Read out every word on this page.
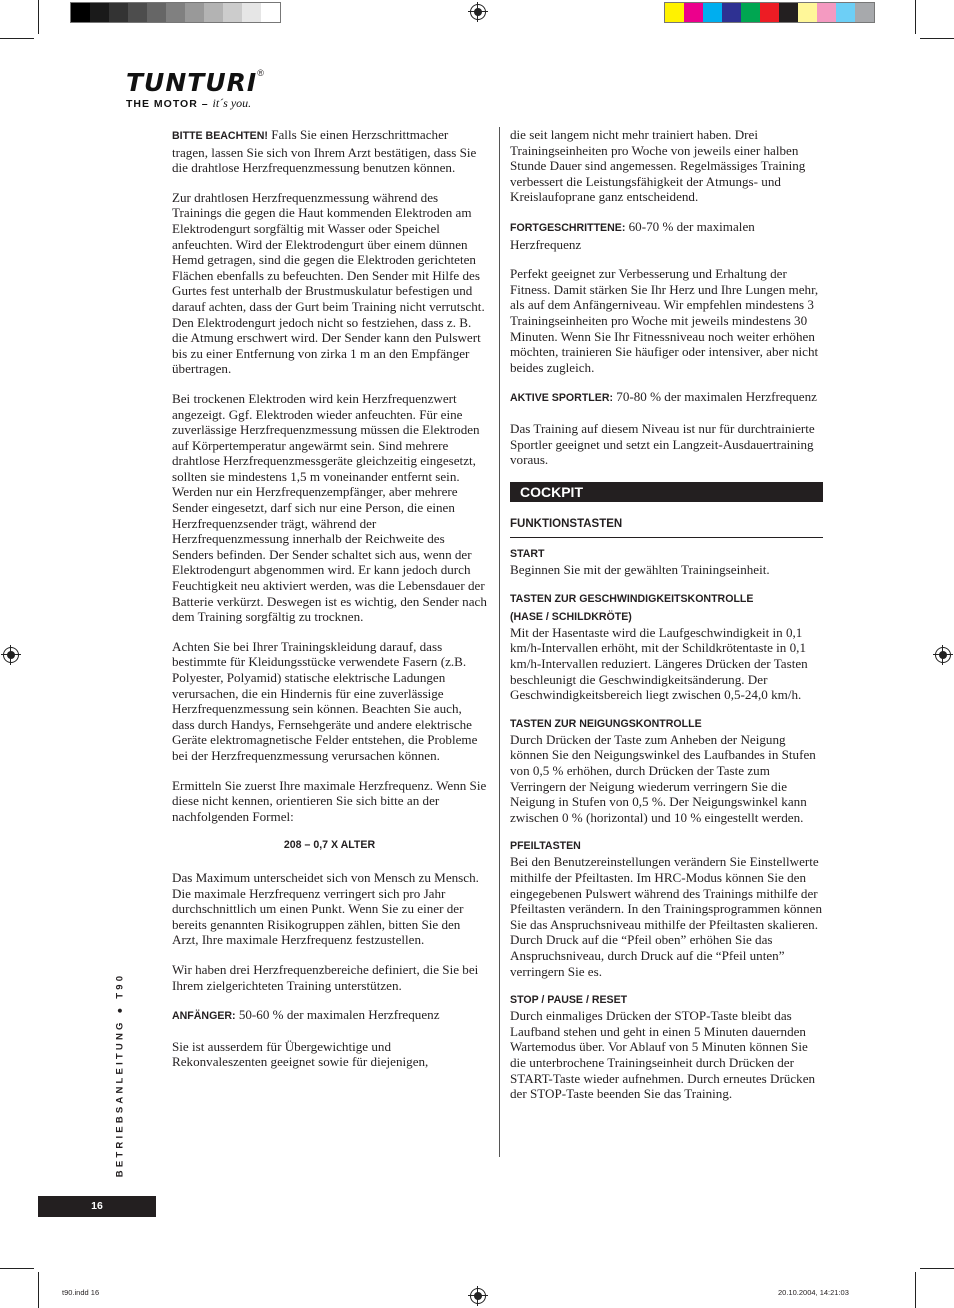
TUNTURI®
THE MOTOR – it´s you.

BITTE BEACHTEN! Falls Sie einen Herzschrittmacher tragen, lassen Sie sich von Ihrem Arzt bestätigen, dass Sie die drahtlose Herzfrequenzmessung benutzen können.

Zur drahtlosen Herzfrequenzmessung während des Trainings die gegen die Haut kommenden Elektroden am Elektrodengurt sorgfältig mit Wasser oder Speichel anfeuchten. Wird der Elektrodengurt über einem dünnen Hemd getragen, sind die gegen die Elektroden gerichteten Flächen ebenfalls zu befeuchten. Den Sender mit Hilfe des Gurtes fest unterhalb der Brustmuskulatur befestigen und darauf achten, dass der Gurt beim Training nicht verrutscht. Den Elektrodengurt jedoch nicht so festziehen, dass z. B. die Atmung erschwert wird. Der Sender kann den Pulswert bis zu einer Entfernung von zirka 1 m an den Empfänger übertragen.

Bei trockenen Elektroden wird kein Herzfrequenzwert angezeigt. Ggf. Elektroden wieder anfeuchten. Für eine zuverlässige Herzfrequenzmessung müssen die Elektroden auf Körpertemperatur angewärmt sein. Sind mehrere drahtlose Herzfrequenzmessgeräte gleichzeitig eingesetzt, sollten sie mindestens 1,5 m voneinander entfernt sein. Werden nur ein Herzfrequenzempfänger, aber mehrere Sender eingesetzt, darf sich nur eine Person, die einen Herzfrequenzsender trägt, während der Herzfrequenzmessung innerhalb der Reichweite des Senders befinden. Der Sender schaltet sich aus, wenn der Elektrodengurt abgenommen wird. Er kann jedoch durch Feuchtigkeit neu aktiviert werden, was die Lebensdauer der Batterie verkürzt. Deswegen ist es wichtig, den Sender nach dem Training sorgfältig zu trocknen.

Achten Sie bei Ihrer Trainingskleidung darauf, dass bestimmte für Kleidungsstücke verwendete Fasern (z.B. Polyester, Polyamid) statische elektrische Ladungen verursachen, die ein Hindernis für eine zuverlässige Herzfrequenzmessung sein können. Beachten Sie auch, dass durch Handys, Fernsehgeräte und andere elektrische Geräte elektromagnetische Felder entstehen, die Probleme bei der Herzfrequenzmessung verursachen können.

Ermitteln Sie zuerst Ihre maximale Herzfrequenz. Wenn Sie diese nicht kennen, orientieren Sie sich bitte an der nachfolgenden Formel:

208 – 0,7 X ALTER

Das Maximum unterscheidet sich von Mensch zu Mensch. Die maximale Herzfrequenz verringert sich pro Jahr durchschnittlich um einen Punkt. Wenn Sie zu einer der bereits genannten Risikogruppen zählen, bitten Sie den Arzt, Ihre maximale Herzfrequenz festzustellen.

Wir haben drei Herzfrequenzbereiche definiert, die Sie bei Ihrem zielgerichteten Training unterstützen.

ANFÄNGER: 50-60 % der maximalen Herzfrequenz

Sie ist ausserdem für Übergewichtige und Rekonvaleszenten geeignet sowie für diejenigen,

die seit langem nicht mehr trainiert haben. Drei Trainingseinheiten pro Woche von jeweils einer halben Stunde Dauer sind angemessen. Regelmässiges Training verbessert die Leistungsfähigkeit der Atmungs- und Kreislaufoргane ganz entscheidend.

FORTGESCHRITTENE: 60-70 % der maximalen Herzfrequenz

Perfekt geeignet zur Verbesserung und Erhaltung der Fitness. Damit stärken Sie Ihr Herz und Ihre Lungen mehr, als auf dem Anfängerniveau. Wir empfehlen mindestens 3 Trainingseinheiten pro Woche mit jeweils mindestens 30 Minuten. Wenn Sie Ihr Fitnessniveau noch weiter erhöhen möchten, trainieren Sie häufiger oder intensiver, aber nicht beides zugleich.

AKTIVE SPORTLER: 70-80 % der maximalen Herzfrequenz

Das Training auf diesem Niveau ist nur für durchtrainierte Sportler geeignet und setzt ein Langzeit-Ausdauertraining voraus.

COCKPIT
FUNKTIONSTASTEN
START
Beginnen Sie mit der gewählten Trainingseinheit.
TASTEN ZUR GESCHWINDIGKEITSKONTROLLE
(HASE / SCHILDKRÖTE)
Mit der Hasentaste wird die Laufgeschwindigkeit in 0,1 km/h-Intervallen erhöht, mit der Schildkrötentaste in 0,1 km/h-Intervallen reduziert. Längeres Drücken der Tasten beschleunigt die Geschwindigkeitsänderung. Der Geschwindigkeitsbereich liegt zwischen 0,5-24,0 km/h.
TASTEN ZUR NEIGUNGSKONTROLLE
Durch Drücken der Taste zum Anheben der Neigung können Sie den Neigungswinkel des Laufbandes in Stufen von 0,5 % erhöhen, durch Drücken der Taste zum Verringern der Neigung wiederum verringern Sie die Neigung in Stufen von 0,5 %. Der Neigungswinkel kann zwischen 0 % (horizontal) und 10 % eingestellt werden.
PFEILTASTEN
Bei den Benutzereinstellungen verändern Sie Einstellwerte mithilfe der Pfeiltasten. Im HRC-Modus können Sie den eingegebenen Pulswert während des Trainings mithilfe der Pfeiltasten verändern. In den Trainingsprogrammen können Sie das Anspruchsniveau mithilfe der Pfeiltasten skalieren. Durch Druck auf die “Pfeil oben” erhöhen Sie das Anspruchsniveau, durch Druck auf die “Pfeil unten” verringern Sie es.
STOP / PAUSE / RESET
Durch einmaliges Drücken der STOP-Taste bleibt das Laufband stehen und geht in einen 5 Minuten dauernden Wartemodus über. Vor Ablauf von 5 Minuten können Sie die unterbrochene Trainingseinheit durch Drücken der START-Taste wieder aufnehmen. Durch erneutes Drücken der STOP-Taste beenden Sie das Training.
BETRIEBSANLEITUNG ● T90
16
t90.indd 16	20.10.2004, 14:21:03
